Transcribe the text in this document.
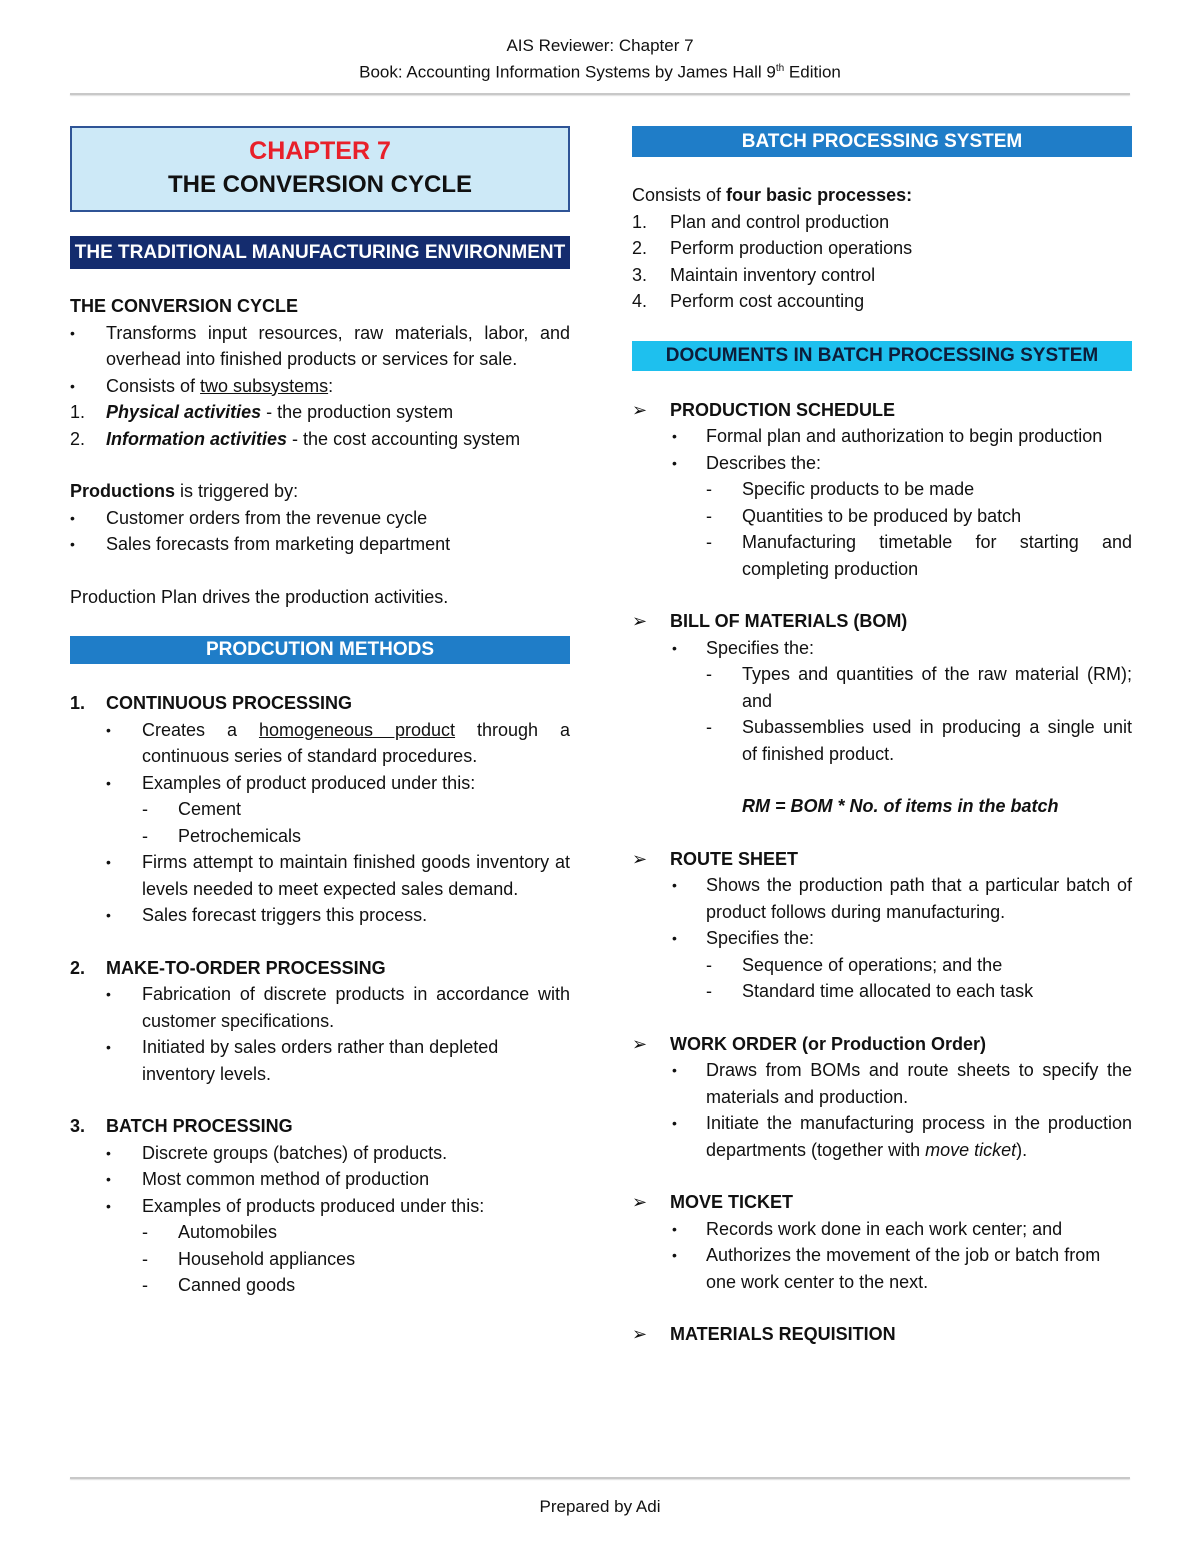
AIS Reviewer: Chapter 7
Book: Accounting Information Systems by James Hall 9th Edition
CHAPTER 7
THE CONVERSION CYCLE
THE TRADITIONAL MANUFACTURING ENVIRONMENT

THE CONVERSION CYCLE

• Transforms input resources, raw materials, labor, and overhead into finished products or services for sale.
• Consists of two subsystems:
1. Physical activities - the production system
2. Information activities - the cost accounting system

Productions is triggered by:

• Customer orders from the revenue cycle
• Sales forecasts from marketing department

Production Plan drives the production activities.

PRODCUTION METHODS
1. CONTINUOUS PROCESSING
• Creates a homogeneous product through a continuous series of standard procedures.
• Examples of product produced under this:
- Cement
- Petrochemicals
• Firms attempt to maintain finished goods inventory at levels needed to meet expected sales demand.
• Sales forecast triggers this process.
2. MAKE-TO-ORDER PROCESSING
• Fabrication of discrete products in accordance with customer specifications.
• Initiated by sales orders rather than depleted inventory levels.
3. BATCH PROCESSING
• Discrete groups (batches) of products.
• Most common method of production
• Examples of products produced under this:
- Automobiles
- Household appliances
- Canned goods
BATCH PROCESSING SYSTEM

Consists of four basic processes:

1. Plan and control production
2. Perform production operations
3. Maintain inventory control
4. Perform cost accounting
DOCUMENTS IN BATCH PROCESSING SYSTEM
➢ PRODUCTION SCHEDULE
• Formal plan and authorization to begin production
• Describes the:
- Specific products to be made
- Quantities to be produced by batch
- Manufacturing timetable for starting and completing production
➢ BILL OF MATERIALS (BOM)
• Specifies the:
- Types and quantities of the raw material (RM); and
- Subassemblies used in producing a single unit of finished product.
RM = BOM * No. of items in the batch
➢ ROUTE SHEET
• Shows the production path that a particular batch of product follows during manufacturing.
• Specifies the:
- Sequence of operations; and the
- Standard time allocated to each task
➢ WORK ORDER (or Production Order)
• Draws from BOMs and route sheets to specify the materials and production.
• Initiate the manufacturing process in the production departments (together with move ticket).
➢ MOVE TICKET
• Records work done in each work center; and
• Authorizes the movement of the job or batch from one work center to the next.
➢ MATERIALS REQUISITION
Prepared by Adi
